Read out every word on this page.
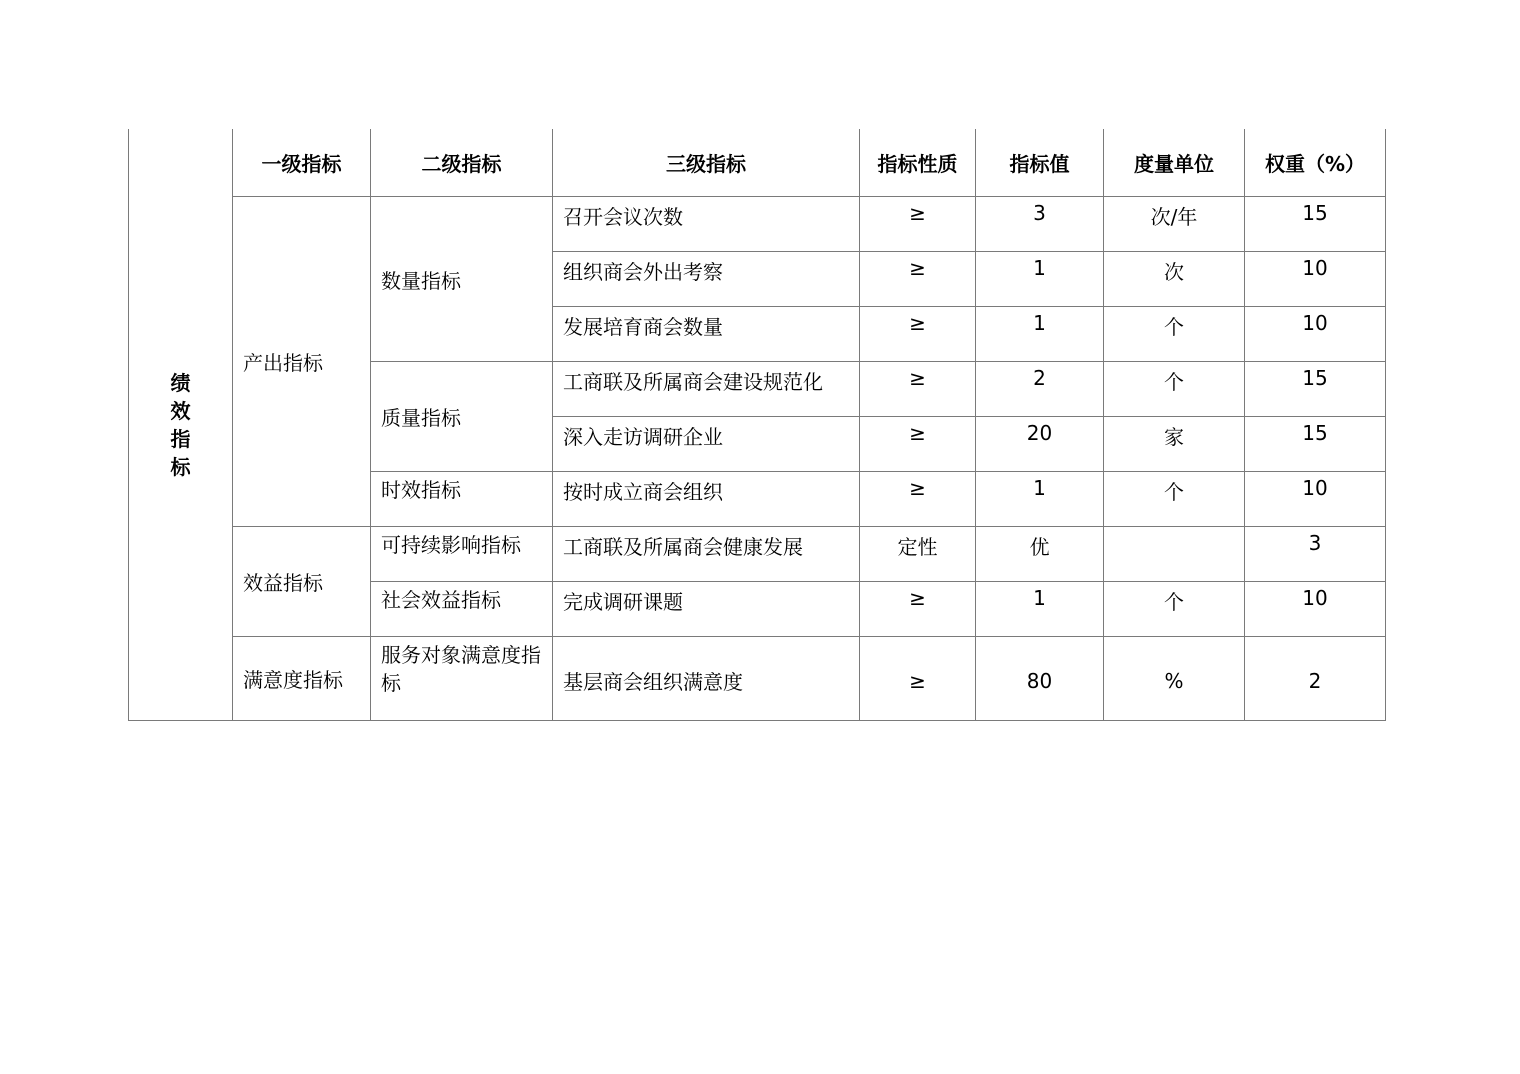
绩效指标	一级指标	二级指标	三级指标	指标性质	指标值	度量单位	权重（%）
	产出指标	数量指标	召开会议次数	≥	3	次/年	15
			组织商会外出考察	≥	1	次	10
			发展培育商会数量	≥	1	个	10
		质量指标	工商联及所属商会建设规范化	≥	2	个	15
			深入走访调研企业	≥	20	家	15
		时效指标	按时成立商会组织	≥	1	个	10
	效益指标	可持续影响指标	工商联及所属商会健康发展	定性	优		3
		社会效益指标	完成调研课题	≥	1	个	10
	满意度指标	服务对象满意度指标	基层商会组织满意度	≥	80	%	2
